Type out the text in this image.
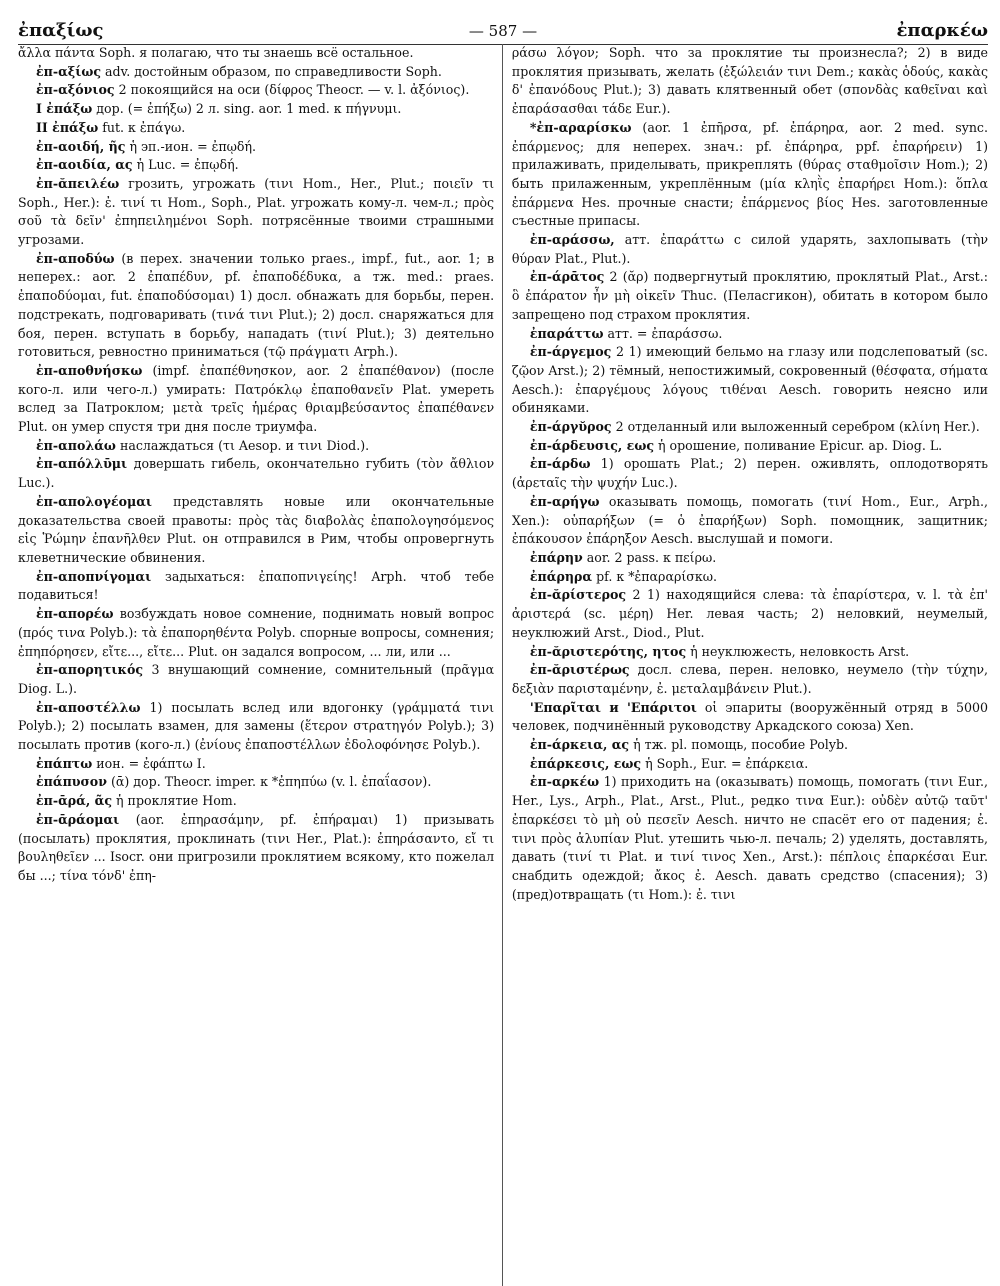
ἐπαξίως	— 587 —	ἐπαρκέω

ἄλλα πάντα Soph. я полагаю, что ты знаешь всё остальное.

ἐπ-αξίως adv. достойным образом, по справедливости Soph.

ἐπ-αξόνιος 2 покоящийся на оси (δίφρος Theocr. — v. l. ἀξόνιος).

I ἐπάξω дор. (= ἐπήξω) 2 л. sing. aor. 1 med. к πήγνυμι.

II ἐπάξω fut. к ἐπάγω.

ἐπ-αοιδή, ῆς ἡ эп.-ион. = ἐπῳδή.

ἐπ-αοιδία, ας ἡ Luc. = ἐπῳδή.

ἐπ-ᾰπειλέω грозить, угрожать (τινι Hom., Her., Plut.; ποιεῖν τι Soph., Her.): ἐ. τινί τι Hom., Soph., Plat. угрожать кому-л. чем-л.; πρὸς σοῦ τὰ δεῖν' ἐπηπειλημένοι Soph. потрясённые твоими страшными угрозами.

ἐπ-αποδύω (в перех. значении только praes., impf., fut., aor. 1; в неперех.: aor. 2 ἐπαπέδυν, pf. ἐπαποδέδυκα, а тж. med.: praes. ἐπαποδύομαι, fut. ἐπαποδύσομαι) 1) досл. обнажать для борьбы, перен. подстрекать, подговаривать (τινά τινι Plut.); 2) досл. снаряжаться для боя, перен. вступать в борьбу, нападать (τινί Plut.); 3) деятельно готовиться, ревностно приниматься (τῷ πράγματι Arph.).

ἐπ-αποθνήσκω (impf. ἐπαπέθνησκον, aor. 2 ἐπαπέθανον) (после кого-л. или чего-л.) умирать: Πατρόκλῳ ἐπαποθανεῖν Plat. умереть вслед за Патроклом; μετὰ τρεῖς ἡμέρας θριαμβεύσαντος ἐπαπέθανεν Plut. он умер спустя три дня после триумфа.

ἐπ-απολάω наслаждаться (τι Aesop. и τινι Diod.).

ἐπ-απόλλῡμι довершать гибель, окончательно губить (τὸν ἄθλιον Luc.).

ἐπ-απολογέομαι представлять новые или окончательные доказательства своей правоты: πρὸς τὰς διαβολὰς ἐπαπολογησόμενος εἰς Ῥώμην ἐπανῆλθεν Plut. он отправился в Рим, чтобы опровергнуть клеветнические обвинения.

ἐπ-αποπνίγομαι задыхаться: ἐπαποπνιγείης! Arph. чтоб тебе подавиться!

ἐπ-απορέω возбуждать новое сомнение, поднимать новый вопрос (πρός τινα Polyb.): τὰ ἐπαπορηθέντα Polyb. спорные вопросы, сомнения; ἐπηπόρησεν, εἴτε..., εἴτε... Plut. он задался вопросом, ... ли, или ...

ἐπ-απορητικός 3 внушающий сомнение, сомнительный (πρᾶγμα Diog. L.).

ἐπ-αποστέλλω 1) посылать вслед или вдогонку (γράμματά τινι Polyb.); 2) посылать взамен, для замены (ἕτερον στρατηγόν Polyb.); 3) посылать против (кого-л.) (ἐνίους ἐπαποστέλλων ἐδολοφόνησε Polyb.).

ἐπάπτω ион. = ἐφάπτω I.

ἐπάπυσον (ᾱ) дор. Theocr. imper. к *ἐπηπύω (v. l. ἐπαΐασον).

ἐπ-ᾱρά, ᾶς ἡ проклятие Hom.

ἐπ-ᾱράομαι (aor. ἐπηρασάμην, pf. ἐπήραμαι) 1) призывать (посылать) проклятия, проклинать (τινι Her., Plat.): ἐπηράσαντο, εἴ τι βουληθεῖεν ... Isocr. они пригрозили проклятием всякому, кто пожелал бы ...; τίνα τόνδ' ἐπη-

ράσω λόγον; Soph. что за проклятие ты произнесла?; 2) в виде проклятия призывать, желать (ἐξώλειάν τινι Dem.; κακὰς ὁδούς, κακὰς δ' ἐπανόδους Plut.); 3) давать клятвенный обет (σπονδὰς καθεῖναι καὶ ἐπαράσασθαι τάδε Eur.).

*ἐπ-αραρίσκω (aor. 1 ἐπῆρσα, pf. ἐπάρηρα, aor. 2 med. sync. ἐπάρμενος; для неперех. знач.: pf. ἐπάρηρα, ppf. ἐπαρήρειν) 1) прилаживать, приделывать, прикреплять (θύρας σταθμοῖσιν Hom.); 2) быть прилаженным, укреплённым (μία κληῒς ἐπαρήρει Hom.): ὅπλα ἐπάρμενα Hes. прочные снасти; ἐπάρμενος βίος Hes. заготовленные съестные припасы.

ἐπ-αράσσω, атт. ἐπαράττω с силой ударять, захлопывать (τὴν θύραν Plat., Plut.).

ἐπ-άρᾱτος 2 (ᾰρ) подвергнутый проклятию, проклятый Plat., Arst.: ὃ ἐπάρατον ἦν μὴ οἰκεῖν Thuc. (Пеласгикон), обитать в котором было запрещено под страхом проклятия.

ἐπαράττω атт. = ἐπαράσσω.

ἐπ-άργεμος 2 1) имеющий бельмо на глазу или подслеповатый (sc. ζῷον Arst.); 2) тёмный, непостижимый, сокровенный (θέσφατα, σήματα Aesch.): ἐπαργέμους λόγους τιθέναι Aesch. говорить неясно или обиняками.

ἐπ-άργῠρος 2 отделанный или выложенный серебром (κλίνη Her.).

ἐπ-άρδευσις, εως ἡ орошение, поливание Epicur. ap. Diog. L.

ἐπ-άρδω 1) орошать Plat.; 2) перен. оживлять, оплодотворять (ἀρεταῖς τὴν ψυχήν Luc.).

ἐπ-αρήγω оказывать помощь, помогать (τινί Hom., Eur., Arph., Xen.): οὑπαρήξων (= ὁ ἐπαρήξων) Soph. помощник, защитник; ἐπάκουσον ἐπάρηξον Aesch. выслушай и помоги.

ἐπάρην aor. 2 pass. к πείρω.

ἐπάρηρα pf. к *ἐπαραρίσκω.

ἐπ-ᾰρίστερος 2 1) находящийся слева: τὰ ἐπαρίστερα, v. l. τὰ ἐπ' ἀριστερά (sc. μέρη) Her. левая часть; 2) неловкий, неумелый, неуклюжий Arst., Diod., Plut.

ἐπ-ᾰριστερότης, ητος ἡ неуклюжесть, неловкость Arst.

ἐπ-ᾰριστέρως досл. слева, перен. неловко, неумело (τὴν τύχην, δεξιὰν παρισταμένην, ἐ. μεταλαμβάνειν Plut.).

'Επαρῖται и 'Επάριτοι οἱ эпариты (вооружённый отряд в 5000 человек, подчинённый руководству Аркадского союза) Xen.

ἐπ-άρκεια, ας ἡ тж. pl. помощь, пособие Polyb.

ἐπάρκεσις, εως ἡ Soph., Eur. = ἐπάρκεια.

ἐπ-αρκέω 1) приходить на (оказывать) помощь, помогать (τινι Eur., Her., Lys., Arph., Plat., Arst., Plut., редко τινα Eur.): οὐδὲν αὐτῷ ταῦτ' ἐπαρκέσει τὸ μὴ οὐ πεσεῖν Aesch. ничто не спасёт его от падения; ἐ. τινι πρὸς ἀλυπίαν Plut. утешить чью-л. печаль; 2) уделять, доставлять, давать (τινί τι Plat. и τινί τινος Xen., Arst.): πέπλοις ἐπαρκέσαι Eur. снабдить одеждой; ἄκος ἐ. Aesch. давать средство (спасения); 3) (пред)отвращать (τι Hom.): ἐ. τινι
